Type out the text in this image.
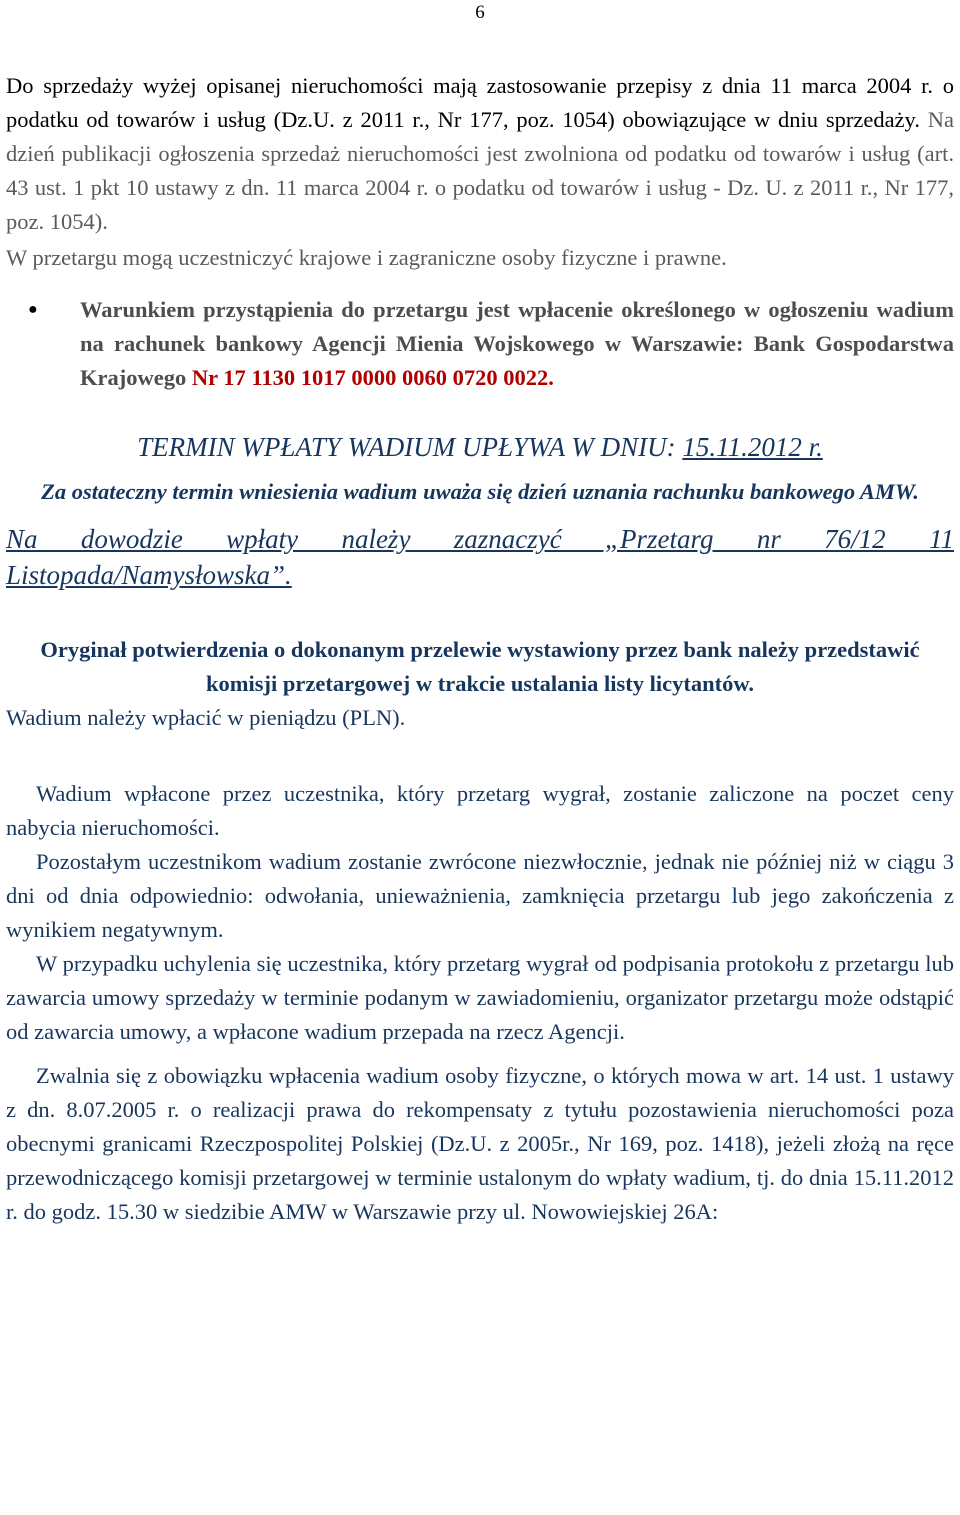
6

Do sprzedaży wyżej opisanej nieruchomości mają zastosowanie przepisy z dnia 11 marca 2004 r. o podatku od towarów i usług (Dz.U. z 2011 r., Nr 177, poz. 1054) obowiązujące w dniu sprzedaży. Na dzień publikacji ogłoszenia sprzedaż nieruchomości jest zwolniona od podatku od towarów i usług (art. 43 ust. 1 pkt 10 ustawy z dn. 11 marca 2004 r. o podatku od towarów i usług - Dz. U. z 2011 r., Nr 177, poz. 1054).

W przetargu mogą uczestniczyć krajowe i zagraniczne osoby fizyczne i prawne.

●	Warunkiem przystąpienia do przetargu jest wpłacenie określonego w ogłoszeniu wadium na rachunek bankowy Agencji Mienia Wojskowego w Warszawie: Bank Gospodarstwa Krajowego Nr 17 1130 1017 0000 0060 0720 0022.

TERMIN WPŁATY WADIUM UPŁYWA W DNIU: 15.11.2012 r.

Za ostateczny termin wniesienia wadium uważa się dzień uznania rachunku bankowego AMW.

Na dowodzie wpłaty należy zaznaczyć „Przetarg nr 76/12 11 Listopada/Namysłowska”.

Oryginał potwierdzenia o dokonanym przelewie wystawiony przez bank należy przedstawić komisji przetargowej w trakcie ustalania listy licytantów.

Wadium należy wpłacić w pieniądzu (PLN).

Wadium wpłacone przez uczestnika, który przetarg wygrał, zostanie zaliczone na poczet ceny nabycia nieruchomości.

Pozostałym uczestnikom wadium zostanie zwrócone niezwłocznie, jednak nie później niż w ciągu 3 dni od dnia odpowiednio: odwołania, unieważnienia, zamknięcia przetargu lub jego zakończenia z wynikiem negatywnym.

W przypadku uchylenia się uczestnika, który przetarg wygrał od podpisania protokołu z przetargu lub zawarcia umowy sprzedaży w terminie podanym w zawiadomieniu, organizator przetargu może odstąpić od zawarcia umowy, a wpłacone wadium przepada na rzecz Agencji.

Zwalnia się z obowiązku wpłacenia wadium osoby fizyczne, o których mowa w art. 14 ust. 1 ustawy z dn. 8.07.2005 r. o realizacji prawa do rekompensaty z tytułu pozostawienia nieruchomości poza obecnymi granicami Rzeczpospolitej Polskiej (Dz.U. z 2005r., Nr 169, poz. 1418), jeżeli złożą na ręce przewodniczącego komisji przetargowej w terminie ustalonym do wpłaty wadium, tj. do dnia 15.11.2012 r. do godz. 15.30 w siedzibie AMW w Warszawie przy ul. Nowowiejskiej 26A:
